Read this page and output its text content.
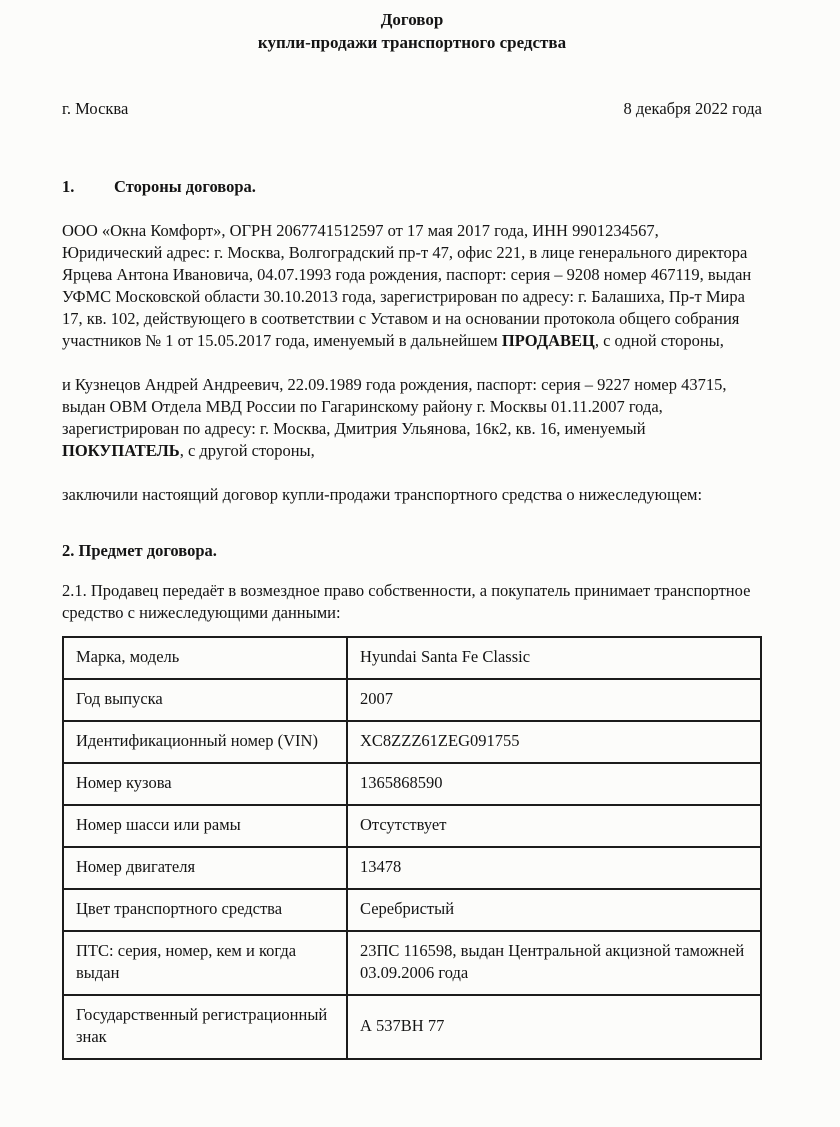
Договор
купли-продажи транспортного средства
г. Москва	8 декабря 2022 года
1. Стороны договора.

ООО «Окна Комфорт», ОГРН 2067741512597 от 17 мая 2017 года, ИНН 9901234567, Юридический адрес: г. Москва, Волгоградский пр-т 47, офис 221, в лице генерального директора Ярцева Антона Ивановича, 04.07.1993 года рождения, паспорт: серия – 9208 номер 467119, выдан УФМС Московской области 30.10.2013 года, зарегистрирован по адресу: г. Балашиха, Пр-т Мира 17, кв. 102, действующего в соответствии с Уставом и на основании протокола общего собрания участников № 1 от 15.05.2017 года, именуемый в дальнейшем ПРОДАВЕЦ, с одной стороны,

и Кузнецов Андрей Андреевич, 22.09.1989 года рождения, паспорт: серия – 9227 номер 43715, выдан ОВМ Отдела МВД России по Гагаринскому району г. Москвы 01.11.2007 года, зарегистрирован по адресу: г. Москва, Дмитрия Ульянова, 16к2, кв. 16, именуемый ПОКУПАТЕЛЬ, с другой стороны,

заключили настоящий договор купли-продажи транспортного средства о нижеследующем:

2. Предмет договора.

2.1. Продавец передаёт в возмездное право собственности, а покупатель принимает транспортное средство с нижеследующими данными:

Марка, модель	Hyundai Santa Fe Classic
Год выпуска	2007
Идентификационный номер (VIN)	XC8ZZZ61ZEG091755
Номер кузова	1365868590
Номер шасси или рамы	Отсутствует
Номер двигателя	13478
Цвет транспортного средства	Серебристый
ПТС: серия, номер, кем и когда выдан	23ПС 116598, выдан Центральной акцизной таможней 03.09.2006 года
Государственный регистрационный знак	А 537ВН 77
